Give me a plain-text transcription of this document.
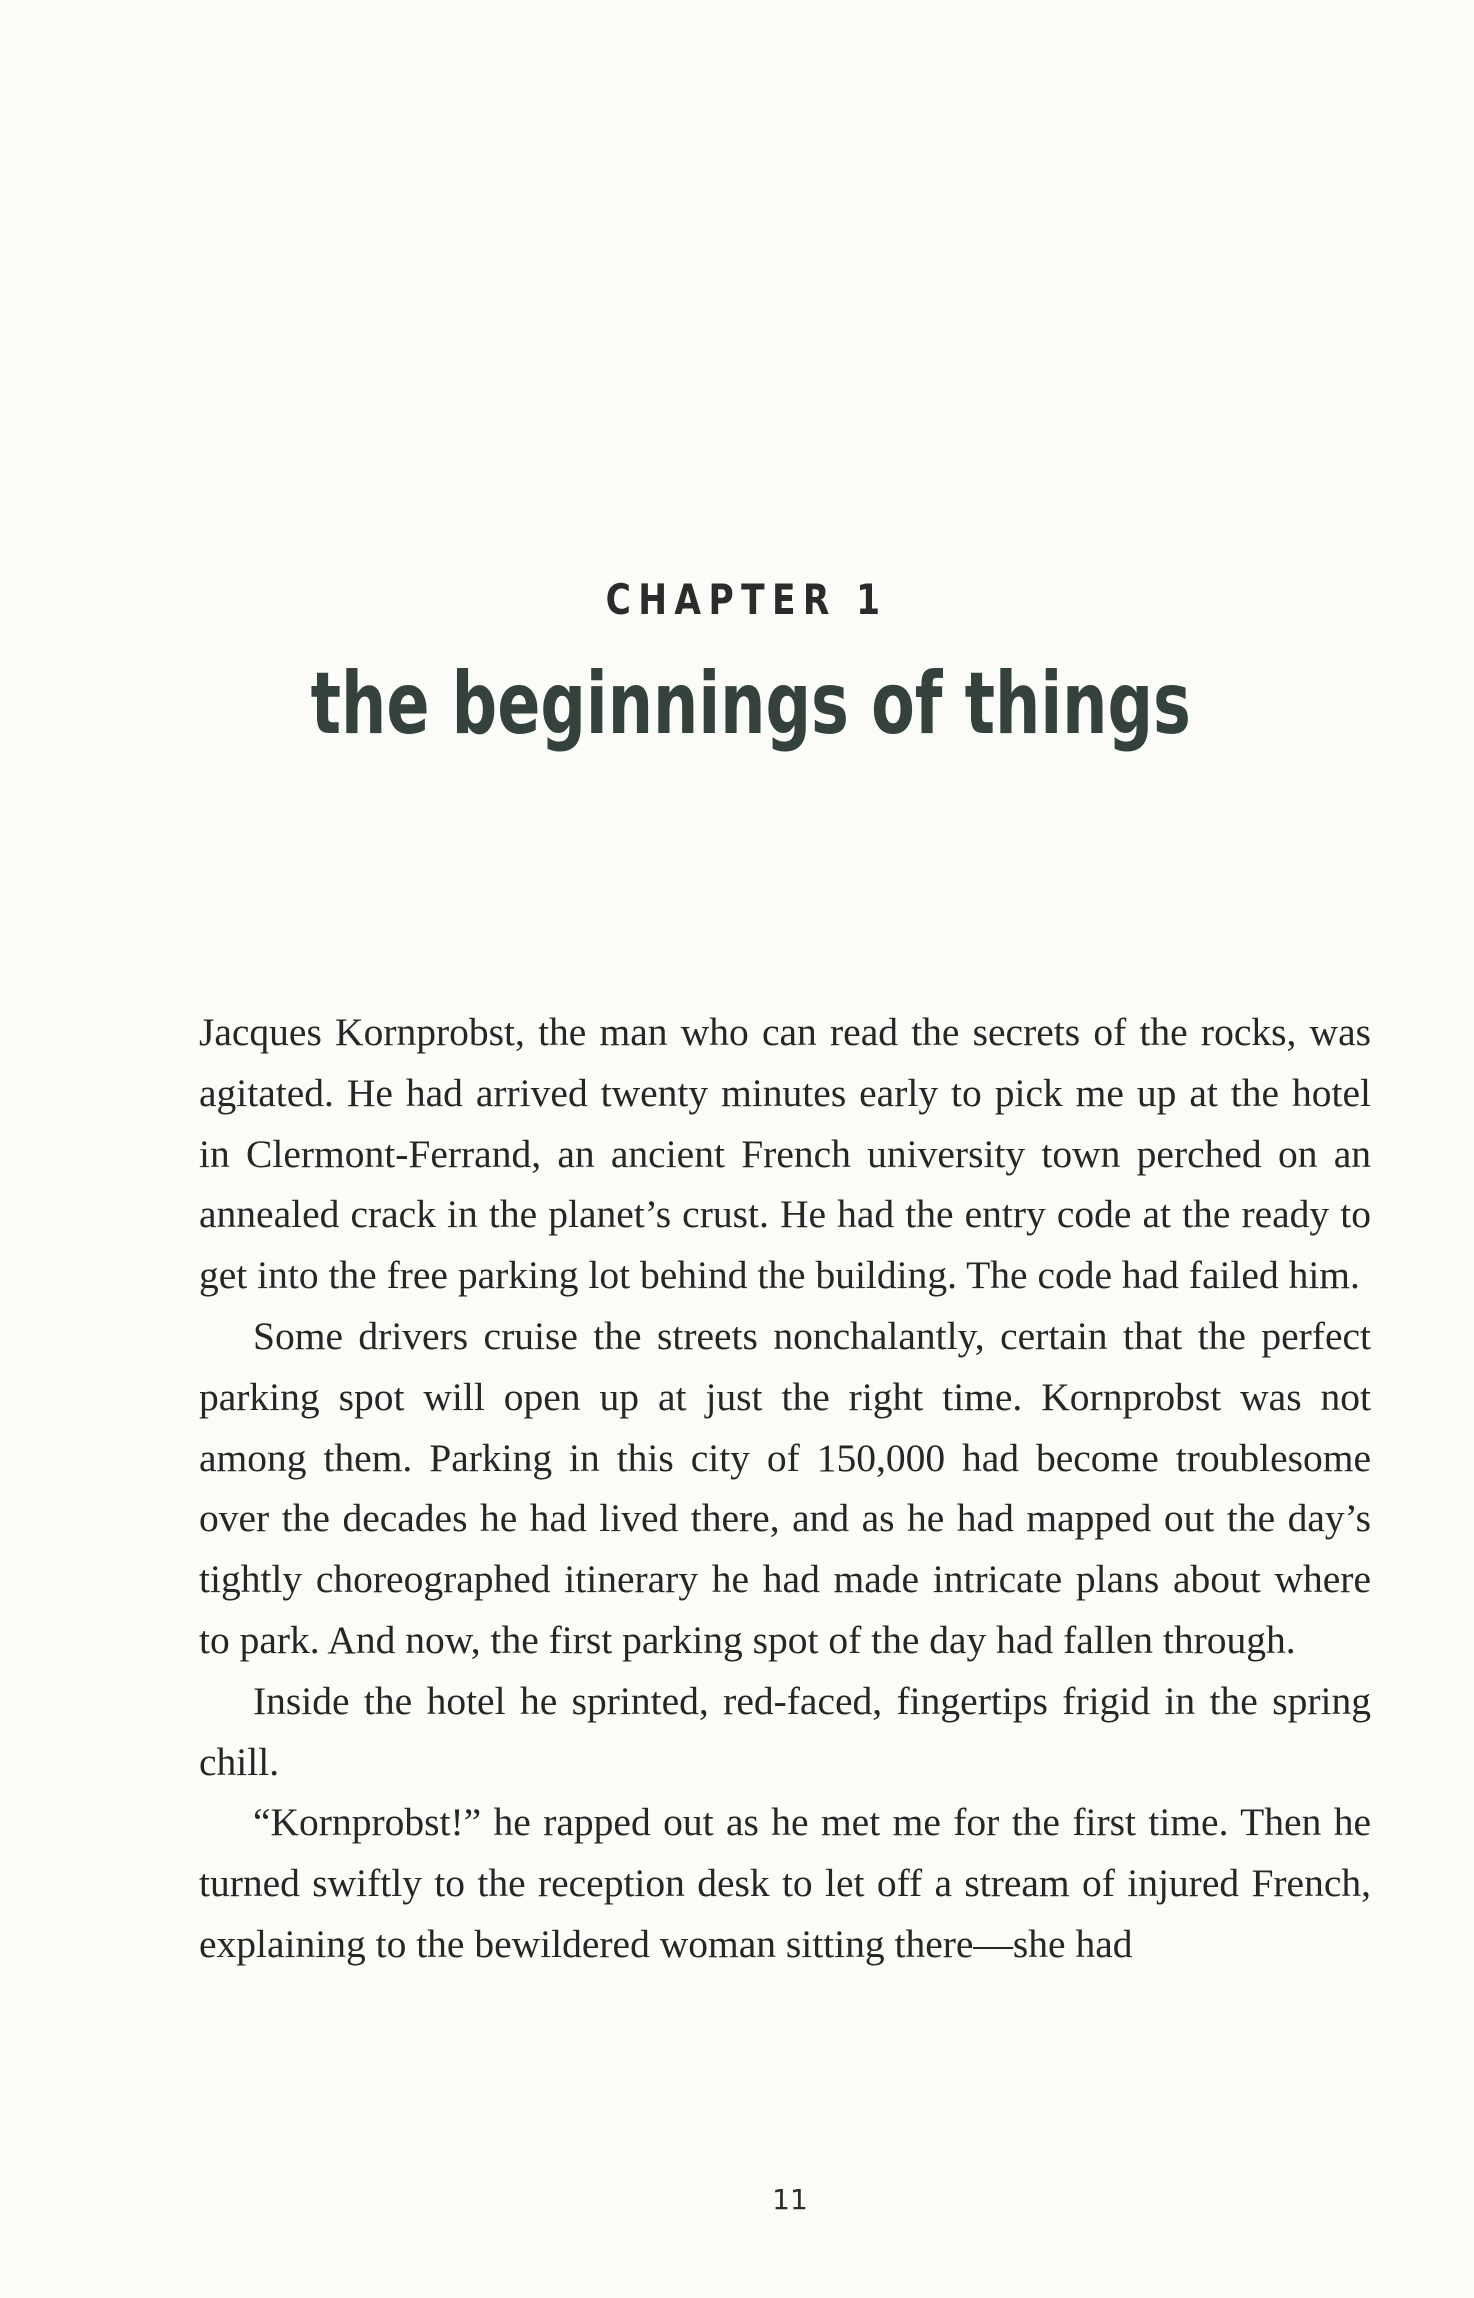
CHAPTER 1
the beginnings of things

Jacques Kornprobst, the man who can read the secrets of the rocks, was agitated. He had arrived twenty minutes early to pick me up at the hotel in Clermont-Ferrand, an ancient French university town perched on an annealed crack in the planet’s crust. He had the entry code at the ready to get into the free parking lot behind the building. The code had failed him.

Some drivers cruise the streets nonchalantly, certain that the perfect parking spot will open up at just the right time. Kornprobst was not among them. Parking in this city of 150,000 had become troublesome over the decades he had lived there, and as he had mapped out the day’s tightly choreographed itinerary he had made intricate plans about where to park. And now, the first parking spot of the day had fallen through.

Inside the hotel he sprinted, red-faced, fingertips frigid in the spring chill.

“Kornprobst!” he rapped out as he met me for the first time. Then he turned swiftly to the reception desk to let off a stream of injured French, explaining to the bewildered woman sitting there—she had

11
